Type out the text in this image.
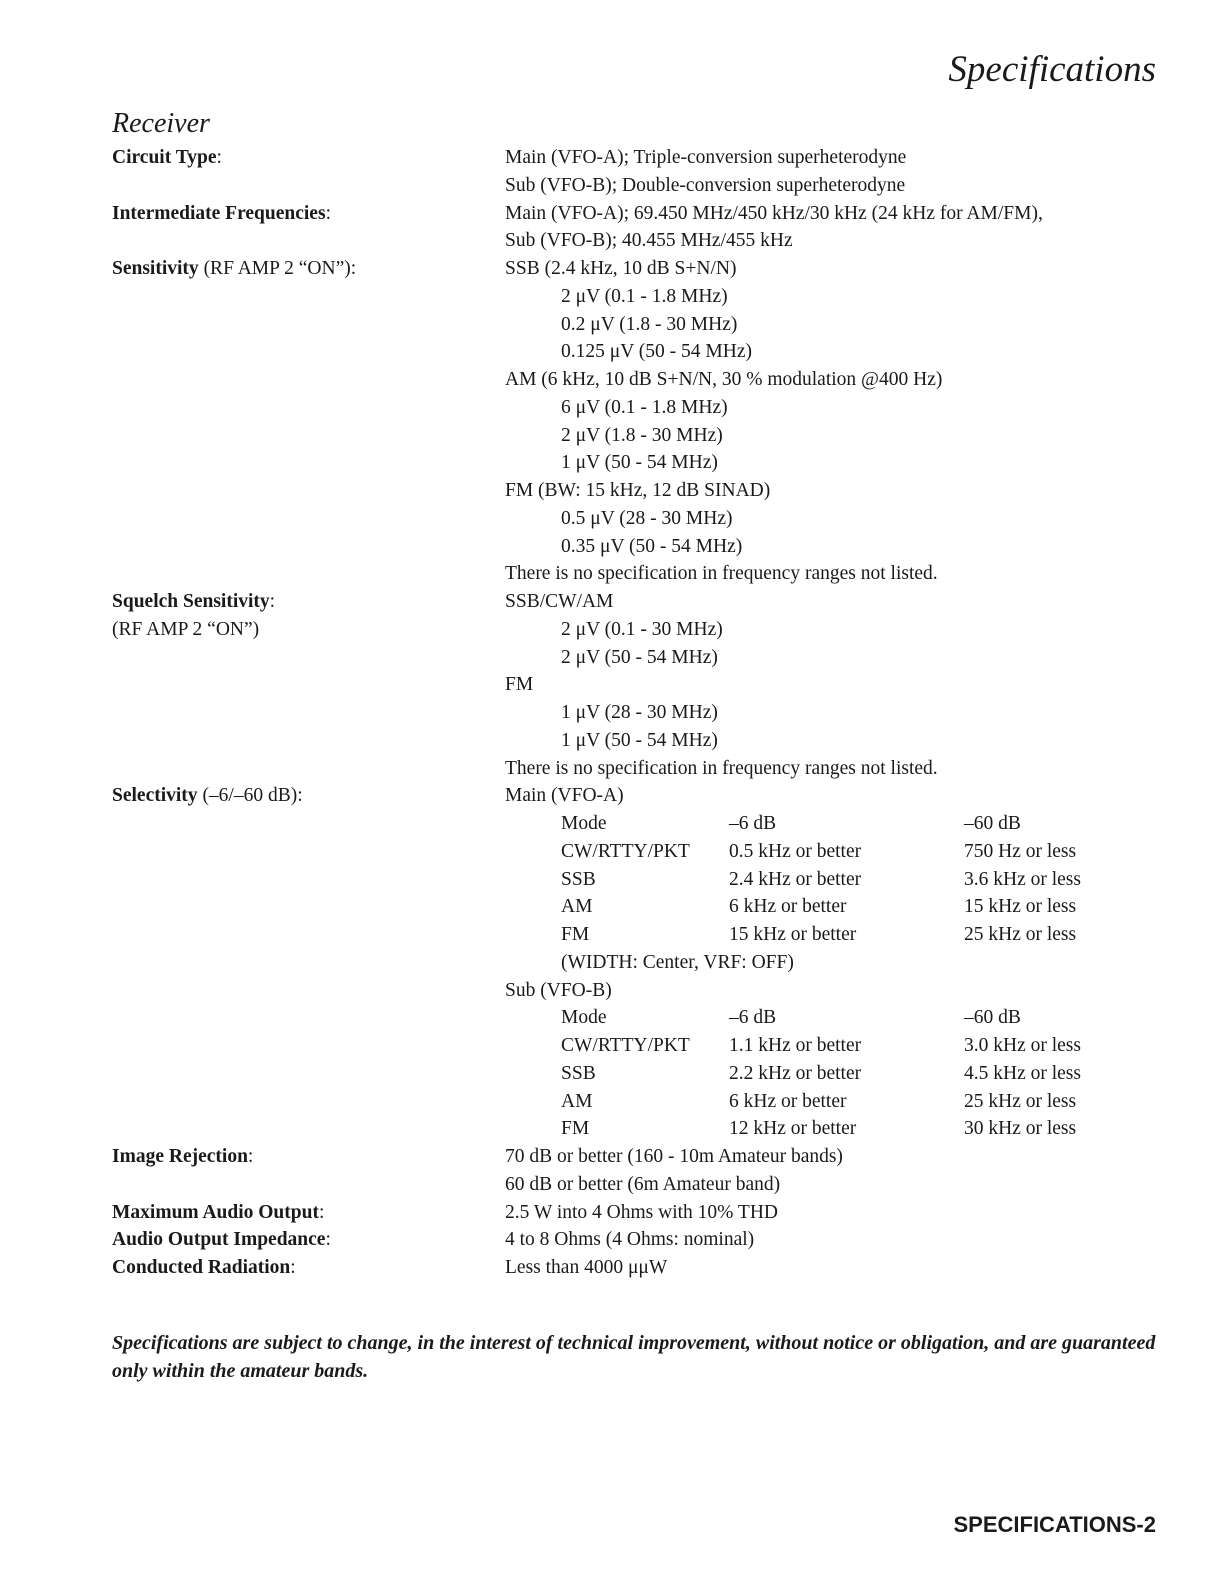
Specifications
Receiver
Circuit Type:	Main (VFO-A); Triple-conversion superheterodyne
Sub (VFO-B); Double-conversion superheterodyne
Intermediate Frequencies:	Main (VFO-A); 69.450 MHz/450 kHz/30 kHz (24 kHz for AM/FM),
Sub (VFO-B); 40.455 MHz/455 kHz
Sensitivity (RF AMP 2 “ON”):	SSB (2.4 kHz, 10 dB S+N/N)
2 μV (0.1 - 1.8 MHz)
0.2 μV (1.8 - 30 MHz)
0.125 μV (50 - 54 MHz)
AM (6 kHz, 10 dB S+N/N, 30 % modulation @400 Hz)
6 μV (0.1 - 1.8 MHz)
2 μV (1.8 - 30 MHz)
1 μV (50 - 54 MHz)
FM (BW: 15 kHz, 12 dB SINAD)
0.5 μV (28 - 30 MHz)
0.35 μV (50 - 54 MHz)
There is no specification in frequency ranges not listed.
Squelch Sensitivity:
(RF AMP 2 “ON”)
SSB/CW/AM
2 μV (0.1 - 30 MHz)
2 μV (50 - 54 MHz)
FM
1 μV (28 - 30 MHz)
1 μV (50 - 54 MHz)
There is no specification in frequency ranges not listed.
Selectivity (–6/–60 dB):	Main (VFO-A)
Mode	–6 dB	–60 dB
CW/RTTY/PKT	0.5 kHz or better	750 Hz or less
SSB	2.4 kHz or better	3.6 kHz or less
AM	6 kHz or better	15 kHz or less
FM	15 kHz or better	25 kHz or less
(WIDTH: Center, VRF: OFF)
Sub (VFO-B)
Mode	–6 dB	–60 dB
CW/RTTY/PKT	1.1 kHz or better	3.0 kHz or less
SSB	2.2 kHz or better	4.5 kHz or less
AM	6 kHz or better	25 kHz or less
FM	12 kHz or better	30 kHz or less
Image Rejection:	70 dB or better (160 - 10m Amateur bands)
60 dB or better (6m Amateur band)
Maximum Audio Output:	2.5 W into 4 Ohms with 10% THD
Audio Output Impedance:	4 to 8 Ohms (4 Ohms: nominal)
Conducted Radiation:	Less than 4000 μμW

Specifications are subject to change, in the interest of technical improvement, without notice or obligation, and are guaranteed only within the amateur bands.

SPECIFICATIONS-2
